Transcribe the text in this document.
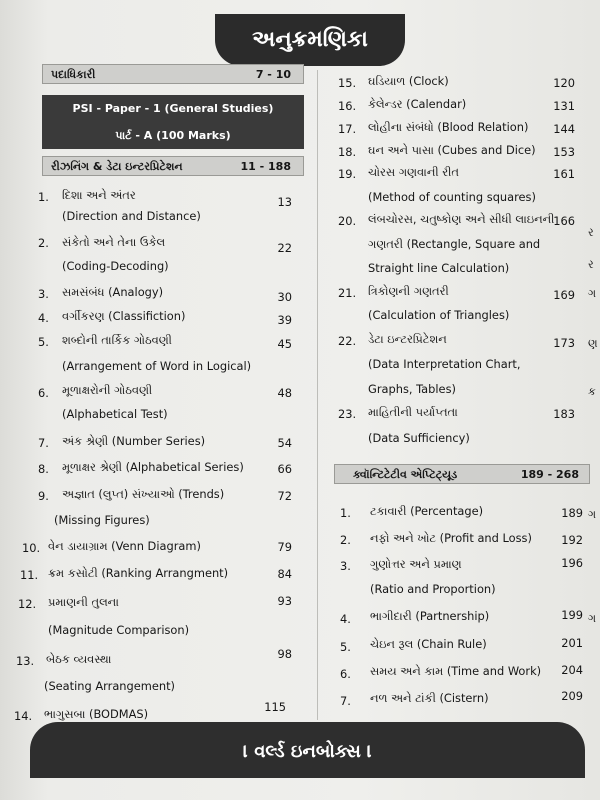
અનુક્રમણિકા
પદાધિકારી	7 - 10
PSI - Paper - 1 (General Studies)
પાર્ટ - A (100 Marks)
રીઝનિંગ & ડેટા ઇન્ટરપ્રિટેશન	11 - 188
1. દિશા અને અંતર
(Direction and Distance)
13
2. સંકેતો અને તેના ઉકેલ
(Coding-Decoding)
22
3. સમસંબંધ (Analogy)	30
4. વર્ગીકરણ (Classifiction)	39
5. શબ્દોની તાર્કિક ગોઠવણી
(Arrangement of Word in Logical)
45
6. મૂળાક્ષરોની ગોઠવણી
(Alphabetical Test)
48
7. અંક શ્રેણી (Number Series)	54
8. મૂળાક્ષર શ્રેણી (Alphabetical Series)	66
9. અજ્ઞાત (લુપ્ત) સંખ્યાઓ (Trends)
(Missing Figures)
72
10. વેન ડાયાગ્રામ (Venn Diagram)	79
11. ક્રમ કસોટી (Ranking Arrangment)	84
12. પ્રમાણની તુલના
(Magnitude Comparison)
93
13. બેઠક વ્યવસ્થા
(Seating Arrangement)
98
14. ભાગુસબા (BODMAS)	115
15. ઘડિયાળ (Clock)	120
16. કેલેન્ડર (Calendar)	131
17. લોહીના સંબંધો (Blood Relation)	144
18. ઘન અને પાસા (Cubes and Dice)	153
19. ચોરસ ગણવાની રીત
(Method of counting squares)
161
20. લંબચોરસ, ચતુષ્કોણ અને સીધી લાઇનની
ગણતરી (Rectangle, Square and
Straight line Calculation)
166
21. ત્રિકોણની ગણતરી
(Calculation of Triangles)
169
22. ડેટા ઇન્ટરપ્રિટેશન
(Data Interpretation Chart,
Graphs, Tables)
173
23. માહિતીની પર્યાપ્તતા
(Data Sufficiency)
183
ક્વૉન્ટિટેટીવ એપ્ટિટ્યૂડ	189 - 268
1. ટકાવારી (Percentage)	189
2. નફો અને ખોટ (Profit and Loss)	192
3. ગુણોત્તર અને પ્રમાણ
(Ratio and Proportion)
196
4. ભાગીદારી (Partnership)	199
5. ચેઇન રૂલ (Chain Rule)	201
6. સમય અને કામ (Time and Work)	204
7. નળ અને ટાંકી (Cistern)	209
ર
ર
ગ
ણ
ક
ગ
ગ
। વર્લ્ડ ઇનબોક્સ ।
